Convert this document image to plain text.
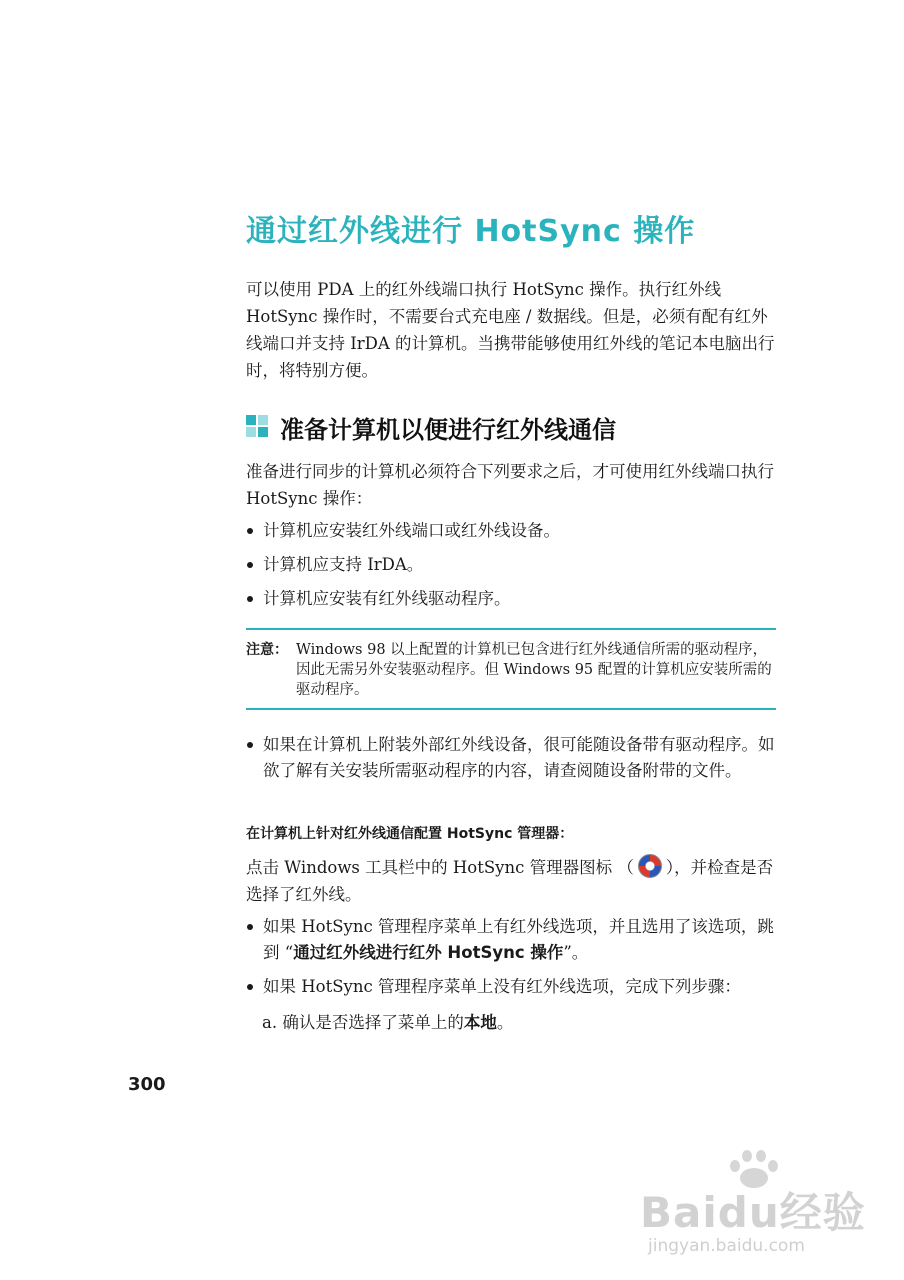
通过红外线进行 HotSync 操作

可以使用 PDA 上的红外线端口执行 HotSync 操作。执行红外线 HotSync 操作时，不需要台式充电座 / 数据线。但是，必须有配有红外线端口并支持 IrDA 的计算机。当携带能够使用红外线的笔记本电脑出行时，将特别方便。

准备计算机以便进行红外线通信

准备进行同步的计算机必须符合下列要求之后，才可使用红外线端口执行 HotSync 操作：

计算机应安装红外线端口或红外线设备。
计算机应支持 IrDA。
计算机应安装有红外线驱动程序。
注意： Windows 98 以上配置的计算机已包含进行红外线通信所需的驱动程序，因此无需另外安装驱动程序。但 Windows 95 配置的计算机应安装所需的驱动程序。
如果在计算机上附装外部红外线设备，很可能随设备带有驱动程序。如欲了解有关安装所需驱动程序的内容，请查阅随设备附带的文件。
在计算机上针对红外线通信配置 HotSync 管理器：

点击 Windows 工具栏中的 HotSync 管理器图标 （ ），并检查是否选择了红外线。

如果 HotSync 管理程序菜单上有红外线选项，并且选用了该选项，跳到 “通过红外线进行红外 HotSync 操作”。
如果 HotSync 管理程序菜单上没有红外线选项，完成下列步骤：
a. 确认是否选择了菜单上的本地。
300
Baidu经验
jingyan.baidu.com
